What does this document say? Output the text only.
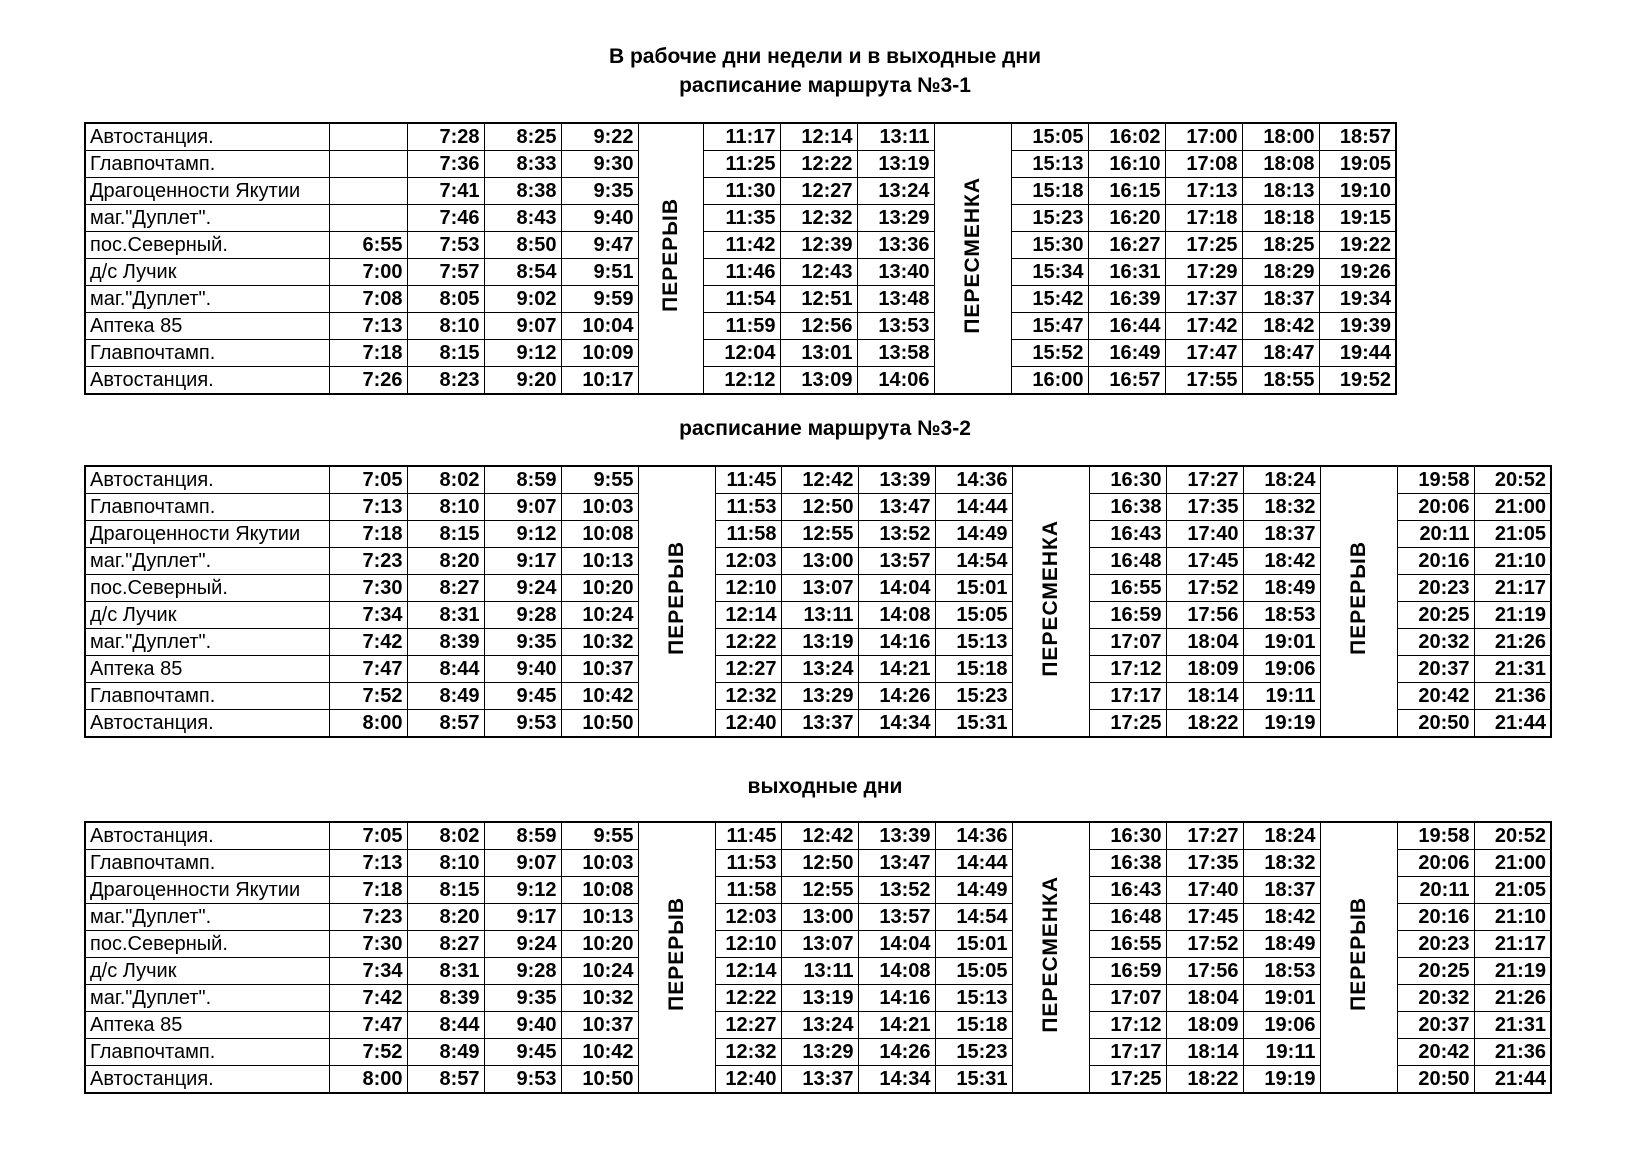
В рабочие дни недели и в выходные дни
расписание маршрута №3-1
Автостанция.		7:28	8:25	9:22	ПЕРЕРЫВ	11:17	12:14	13:11	ПЕРЕСМЕНКА	15:05	16:02	17:00	18:00	18:57
Главпочтамп.		7:36	8:33	9:30		11:25	12:22	13:19		15:13	16:10	17:08	18:08	19:05
Драгоценности Якутии		7:41	8:38	9:35		11:30	12:27	13:24		15:18	16:15	17:13	18:13	19:10
маг."Дуплет".		7:46	8:43	9:40		11:35	12:32	13:29		15:23	16:20	17:18	18:18	19:15
пос.Северный.	6:55	7:53	8:50	9:47		11:42	12:39	13:36		15:30	16:27	17:25	18:25	19:22
д/с Лучик	7:00	7:57	8:54	9:51		11:46	12:43	13:40		15:34	16:31	17:29	18:29	19:26
маг."Дуплет".	7:08	8:05	9:02	9:59		11:54	12:51	13:48		15:42	16:39	17:37	18:37	19:34
Аптека 85	7:13	8:10	9:07	10:04		11:59	12:56	13:53		15:47	16:44	17:42	18:42	19:39
Главпочтамп.	7:18	8:15	9:12	10:09		12:04	13:01	13:58		15:52	16:49	17:47	18:47	19:44
Автостанция.	7:26	8:23	9:20	10:17		12:12	13:09	14:06		16:00	16:57	17:55	18:55	19:52
расписание маршрута №3-2
Автостанция.	7:05	8:02	8:59	9:55	ПЕРЕРЫВ	11:45	12:42	13:39	14:36	ПЕРЕСМЕНКА	16:30	17:27	18:24	ПЕРЕРЫВ	19:58	20:52
Главпочтамп.	7:13	8:10	9:07	10:03		11:53	12:50	13:47	14:44		16:38	17:35	18:32		20:06	21:00
Драгоценности Якутии	7:18	8:15	9:12	10:08		11:58	12:55	13:52	14:49		16:43	17:40	18:37		20:11	21:05
маг."Дуплет".	7:23	8:20	9:17	10:13		12:03	13:00	13:57	14:54		16:48	17:45	18:42		20:16	21:10
пос.Северный.	7:30	8:27	9:24	10:20		12:10	13:07	14:04	15:01		16:55	17:52	18:49		20:23	21:17
д/с Лучик	7:34	8:31	9:28	10:24		12:14	13:11	14:08	15:05		16:59	17:56	18:53		20:25	21:19
маг."Дуплет".	7:42	8:39	9:35	10:32		12:22	13:19	14:16	15:13		17:07	18:04	19:01		20:32	21:26
Аптека 85	7:47	8:44	9:40	10:37		12:27	13:24	14:21	15:18		17:12	18:09	19:06		20:37	21:31
Главпочтамп.	7:52	8:49	9:45	10:42		12:32	13:29	14:26	15:23		17:17	18:14	19:11		20:42	21:36
Автостанция.	8:00	8:57	9:53	10:50		12:40	13:37	14:34	15:31		17:25	18:22	19:19		20:50	21:44
выходные дни
Автостанция.	7:05	8:02	8:59	9:55	ПЕРЕРЫВ	11:45	12:42	13:39	14:36	ПЕРЕСМЕНКА	16:30	17:27	18:24	ПЕРЕРЫВ	19:58	20:52
Главпочтамп.	7:13	8:10	9:07	10:03		11:53	12:50	13:47	14:44		16:38	17:35	18:32		20:06	21:00
Драгоценности Якутии	7:18	8:15	9:12	10:08		11:58	12:55	13:52	14:49		16:43	17:40	18:37		20:11	21:05
маг."Дуплет".	7:23	8:20	9:17	10:13		12:03	13:00	13:57	14:54		16:48	17:45	18:42		20:16	21:10
пос.Северный.	7:30	8:27	9:24	10:20		12:10	13:07	14:04	15:01		16:55	17:52	18:49		20:23	21:17
д/с Лучик	7:34	8:31	9:28	10:24		12:14	13:11	14:08	15:05		16:59	17:56	18:53		20:25	21:19
маг."Дуплет".	7:42	8:39	9:35	10:32		12:22	13:19	14:16	15:13		17:07	18:04	19:01		20:32	21:26
Аптека 85	7:47	8:44	9:40	10:37		12:27	13:24	14:21	15:18		17:12	18:09	19:06		20:37	21:31
Главпочтамп.	7:52	8:49	9:45	10:42		12:32	13:29	14:26	15:23		17:17	18:14	19:11		20:42	21:36
Автостанция.	8:00	8:57	9:53	10:50		12:40	13:37	14:34	15:31		17:25	18:22	19:19		20:50	21:44
